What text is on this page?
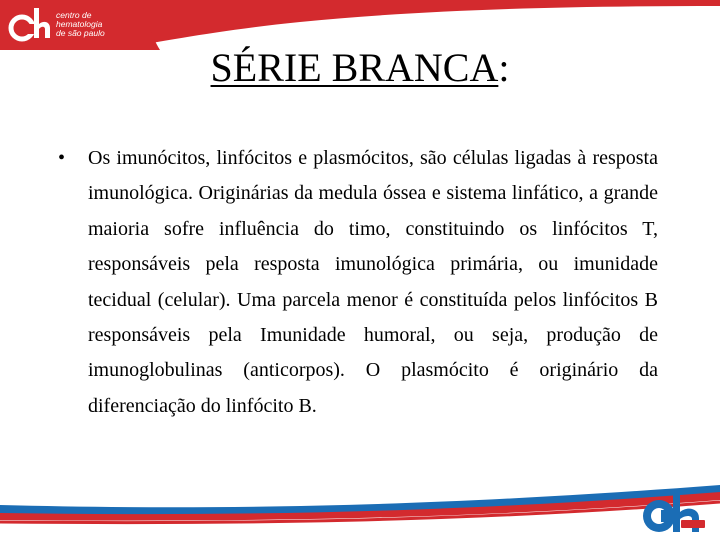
centro de
hematologia
de são paulo
SÉRIE BRANCA:
• Os imunócitos, linfócitos e plasmócitos, são células ligadas à resposta imunológica. Originárias da medula óssea e sistema linfático, a grande maioria sofre influência do timo, constituindo os linfócitos T, responsáveis pela resposta imunológica primária, ou imunidade tecidual (celular). Uma parcela menor é constituída pelos linfócitos B responsáveis pela Imunidade humoral, ou seja, produção de imunoglobulinas (anticorpos). O plasmócito é originário da diferenciação do linfócito B.
